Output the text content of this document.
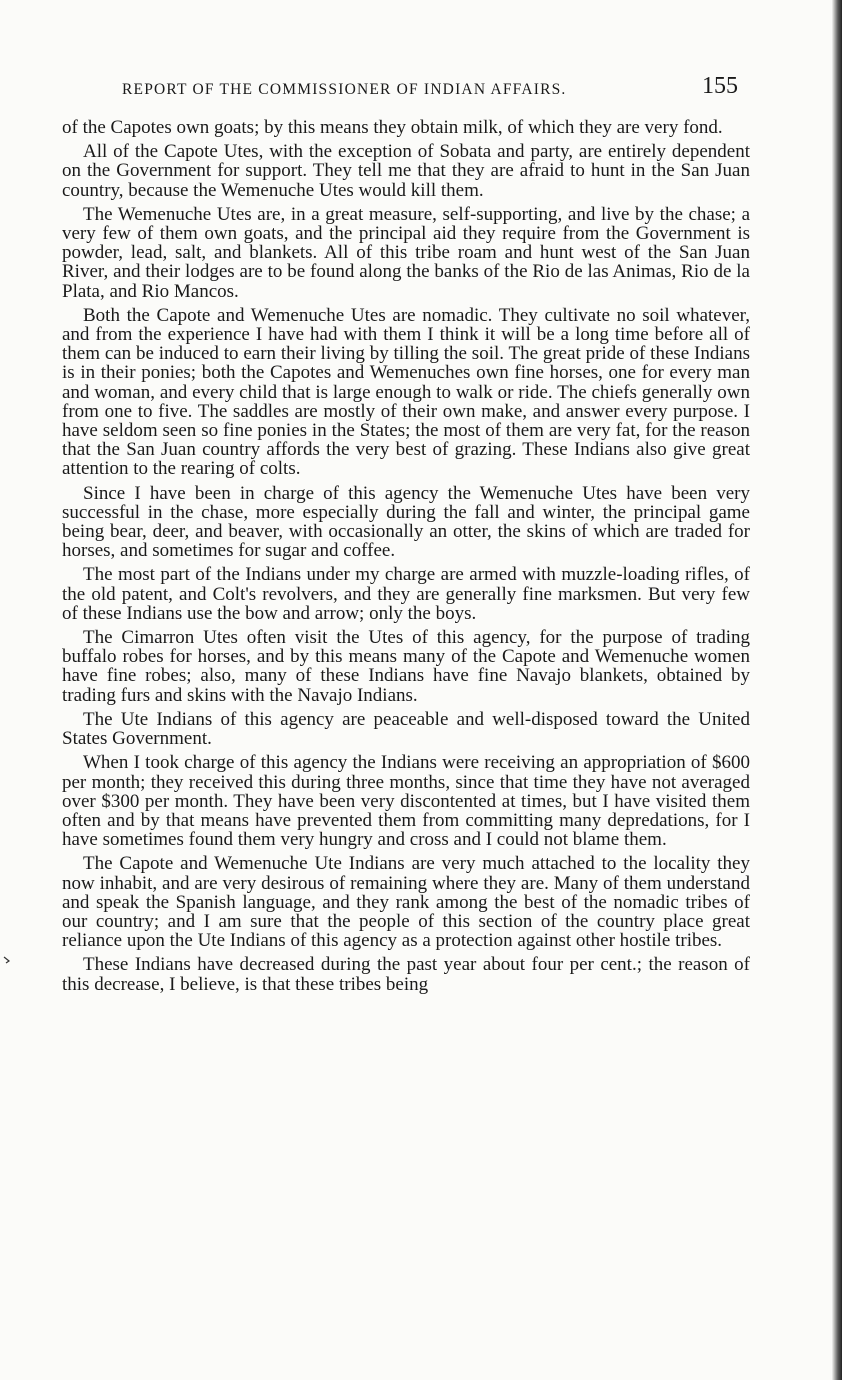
REPORT OF THE COMMISSIONER OF INDIAN AFFAIRS.	155

of the Capotes own goats; by this means they obtain milk, of which they are very fond.

All of the Capote Utes, with the exception of Sobata and party, are entirely dependent on the Government for support. They tell me that they are afraid to hunt in the San Juan country, because the Wemenuche Utes would kill them.

The Wemenuche Utes are, in a great measure, self-supporting, and live by the chase; a very few of them own goats, and the principal aid they require from the Government is powder, lead, salt, and blankets. All of this tribe roam and hunt west of the San Juan River, and their lodges are to be found along the banks of the Rio de las Animas, Rio de la Plata, and Rio Mancos.

Both the Capote and Wemenuche Utes are nomadic. They cultivate no soil whatever, and from the experience I have had with them I think it will be a long time before all of them can be induced to earn their living by tilling the soil. The great pride of these Indians is in their ponies; both the Capotes and Wemenuches own fine horses, one for every man and woman, and every child that is large enough to walk or ride. The chiefs generally own from one to five. The saddles are mostly of their own make, and answer every purpose. I have seldom seen so fine ponies in the States; the most of them are very fat, for the reason that the San Juan country affords the very best of grazing. These Indians also give great attention to the rearing of colts.

Since I have been in charge of this agency the Wemenuche Utes have been very successful in the chase, more especially during the fall and winter, the principal game being bear, deer, and beaver, with occasionally an otter, the skins of which are traded for horses, and sometimes for sugar and coffee.

The most part of the Indians under my charge are armed with muzzle-loading rifles, of the old patent, and Colt's revolvers, and they are generally fine marksmen. But very few of these Indians use the bow and arrow; only the boys.

The Cimarron Utes often visit the Utes of this agency, for the purpose of trading buffalo robes for horses, and by this means many of the Capote and Wemenuche women have fine robes; also, many of these Indians have fine Navajo blankets, obtained by trading furs and skins with the Navajo Indians.

The Ute Indians of this agency are peaceable and well-disposed toward the United States Government.

When I took charge of this agency the Indians were receiving an appropriation of $600 per month; they received this during three months, since that time they have not averaged over $300 per month. They have been very discontented at times, but I have visited them often and by that means have prevented them from committing many depredations, for I have sometimes found them very hungry and cross and I could not blame them.

The Capote and Wemenuche Ute Indians are very much attached to the locality they now inhabit, and are very desirous of remaining where they are. Many of them understand and speak the Spanish language, and they rank among the best of the nomadic tribes of our country; and I am sure that the people of this section of the country place great reliance upon the Ute Indians of this agency as a protection against other hostile tribes.

These Indians have decreased during the past year about four per cent.; the reason of this decrease, I believe, is that these tribes being
